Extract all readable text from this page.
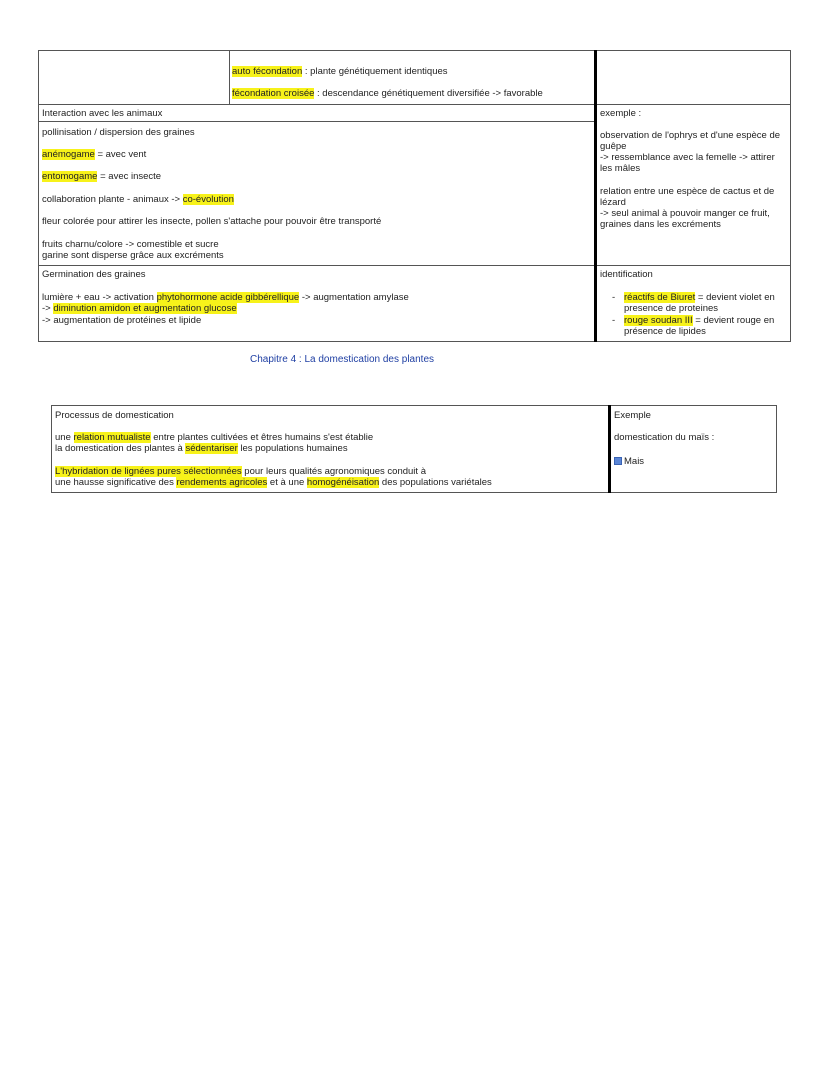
auto fécondation : plante génétiquement identiques
fécondation croisée : descendance génétiquement diversifiée -> favorable
Interaction avec les animaux
pollinisation / dispersion des graines
anémogame = avec vent
entomogame = avec insecte
collaboration plante - animaux -> co-évolution
fleur colorée pour attirer les insecte, pollen s'attache pour pouvoir être transporté
fruits charnu/colore -> comestible et sucre
garine sont disperse grâce aux excréments
exemple :
observation de l'ophrys et d'une espèce de
guêpe
-> ressemblance avec la femelle -> attirer
les mâles
relation entre une espèce de cactus et de
lézard
-> seul animal à pouvoir manger ce fruit,
graines dans les excréments
Germination des graines
lumière + eau -> activation phytohormone acide gibbérellique -> augmentation amylase
-> diminution amidon et augmentation glucose
-> augmentation de protéines et lipide
identification
- réactifs de Biuret = devient violet en
presence de proteines
- rouge soudan III = devient rouge en
présence de lipides
Chapitre 4 : La domestication des plantes
Processus de domestication
une relation mutualiste entre plantes cultivées et êtres humains s'est établie
la domestication des plantes à sédentariser les populations humaines
L'hybridation de lignées pures sélectionnées pour leurs qualités agronomiques conduit à
une hausse significative des rendements agricoles et à une homogénéisation des populations variétales
Exemple
domestication du maïs :
Mais
